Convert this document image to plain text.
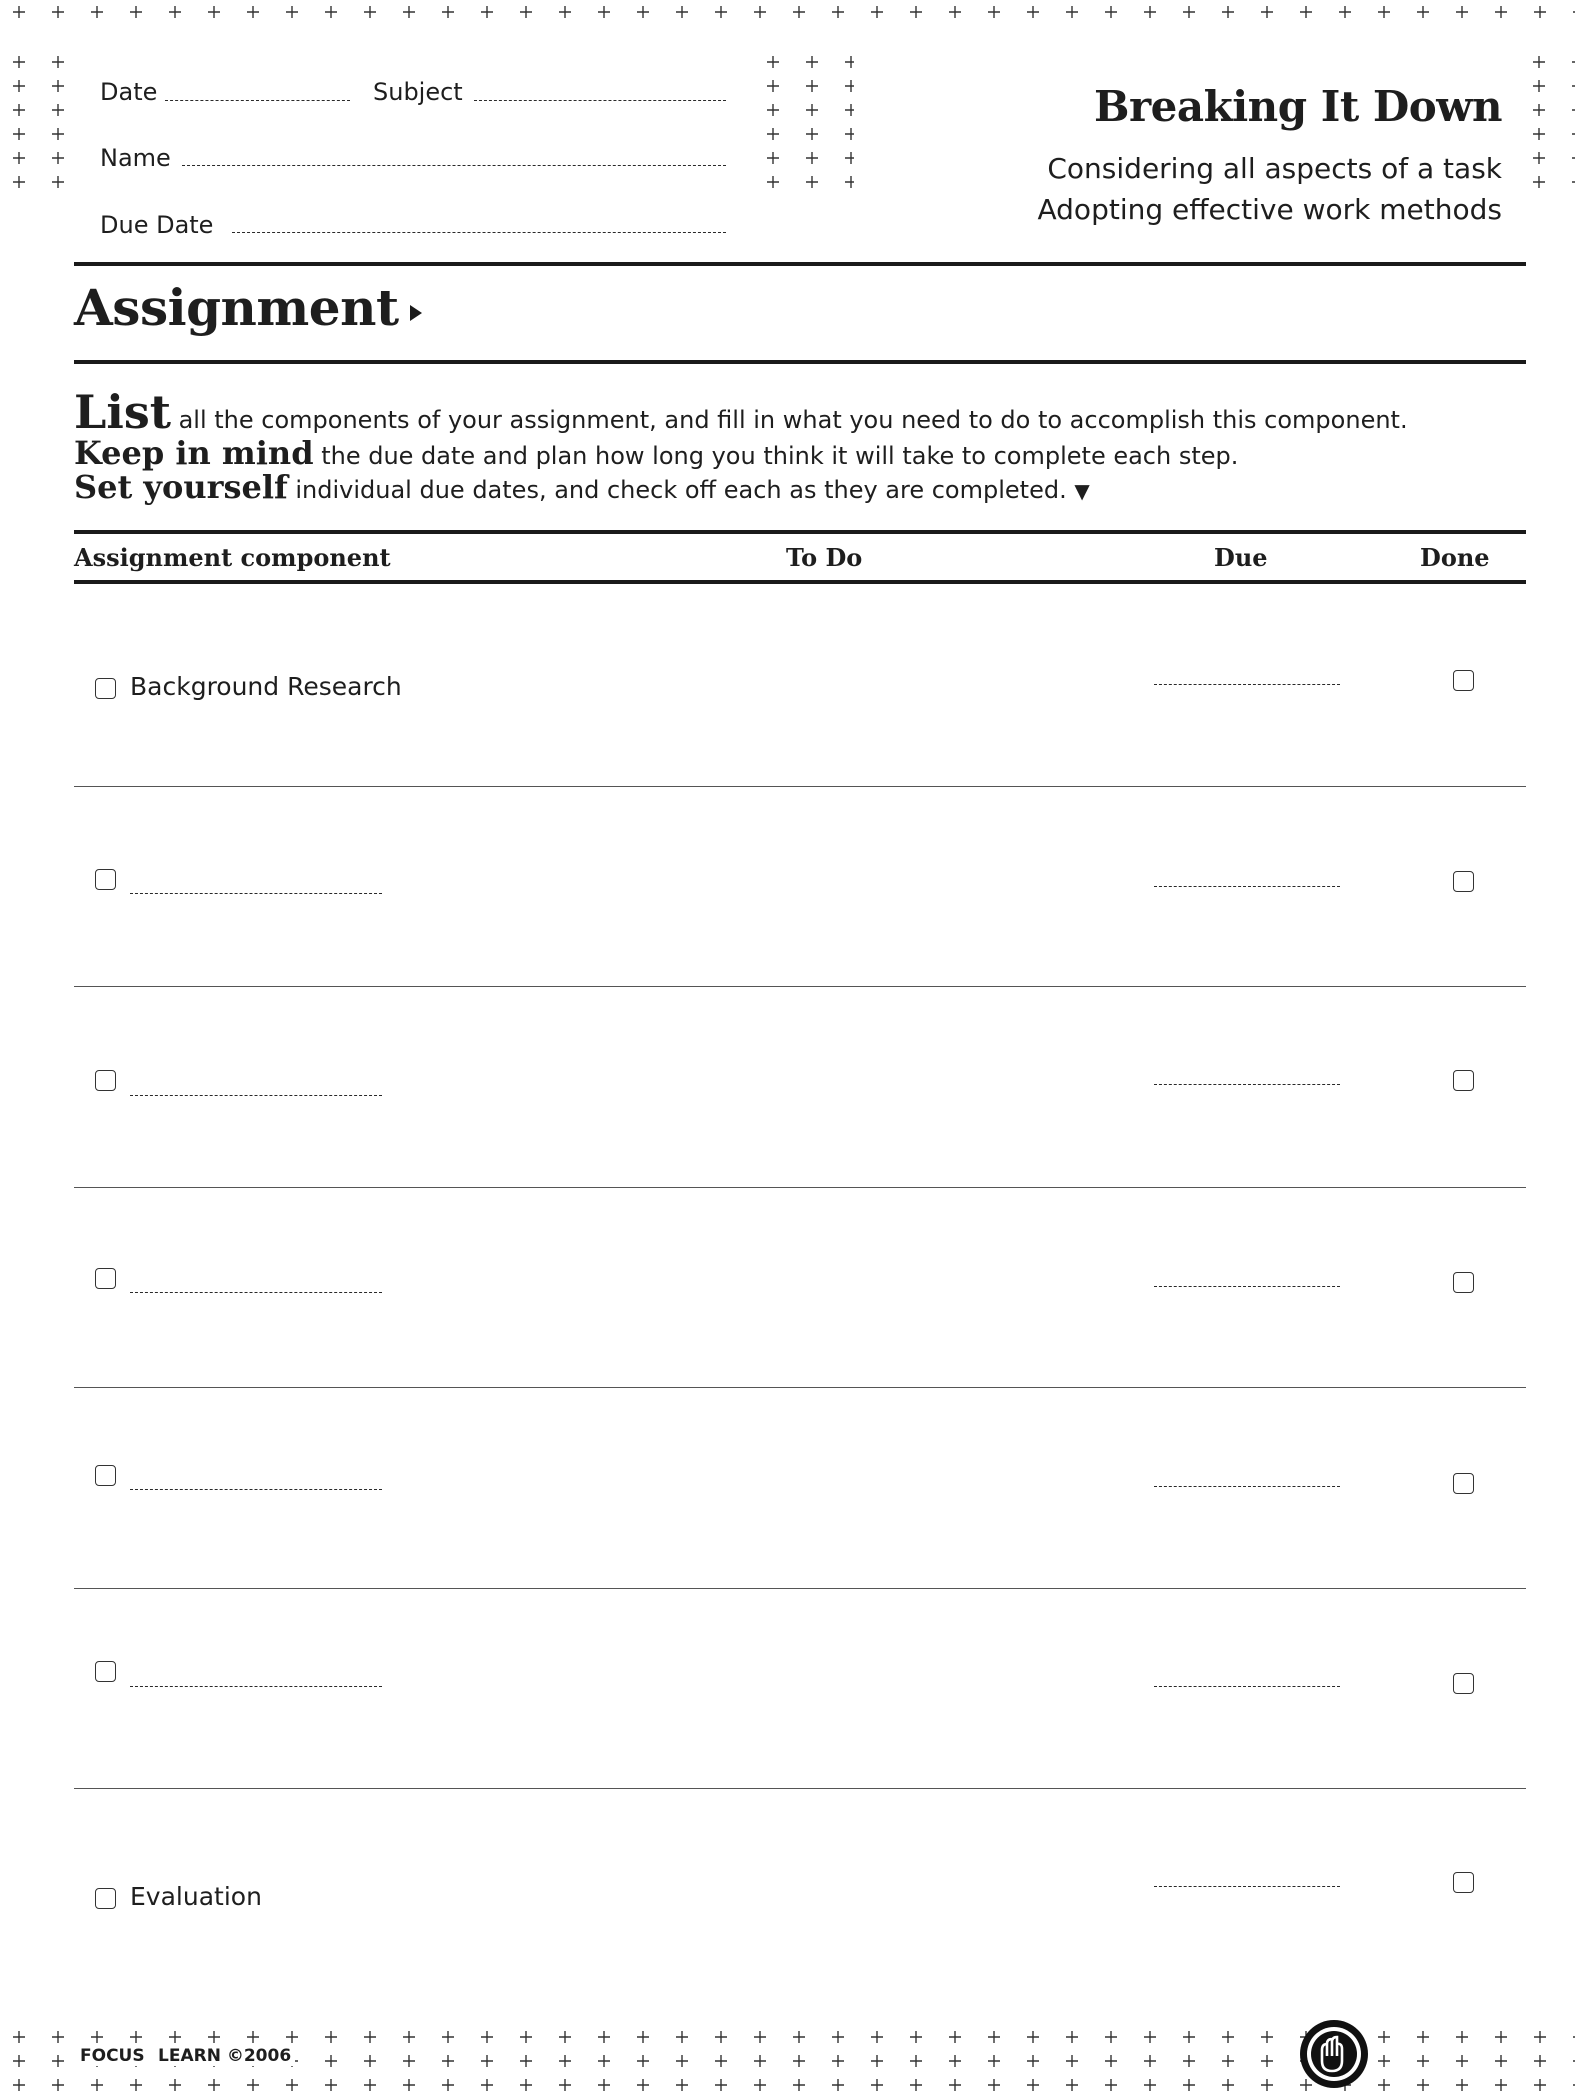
Date	Subject
Name
Due Date
Breaking It Down
Considering all aspects of a task
Adopting effective work methods
Assignment
List all the components of your assignment, and fill in what you need to do to accomplish this component.
Keep in mind the due date and plan how long you think it will take to complete each step.
Set yourself individual due dates, and check off each as they are completed. ▼
Assignment component	To Do	Due	Done
Background Research
Evaluation
FOCUS LEARN ©2006
